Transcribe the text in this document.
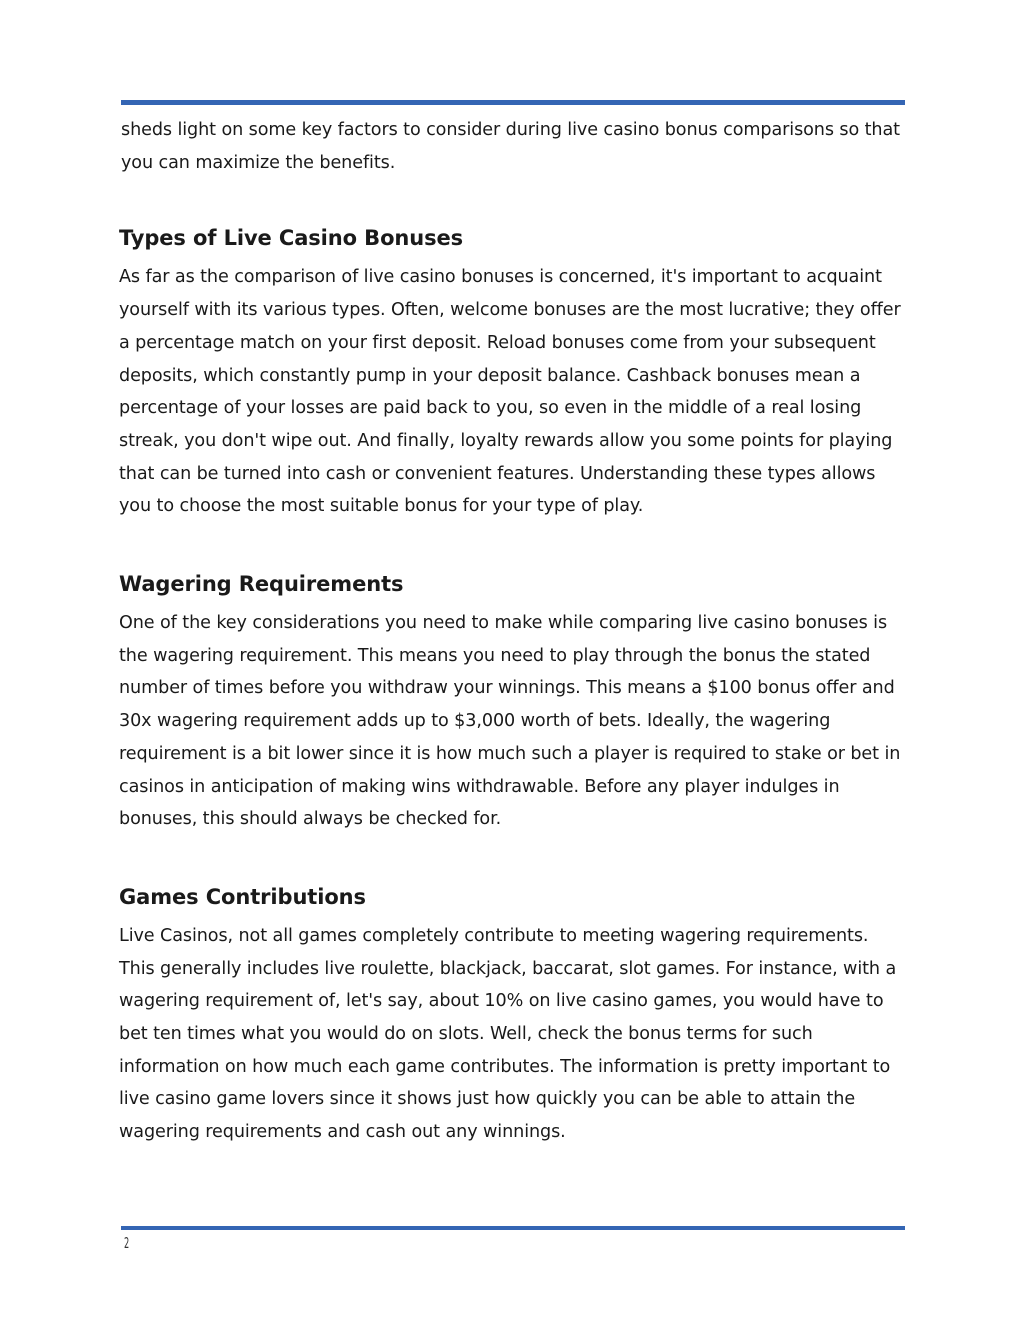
sheds light on some key factors to consider during live casino bonus comparisons so that you can maximize the benefits.

Types of Live Casino Bonuses

As far as the comparison of live casino bonuses is concerned, it's important to acquaint yourself with its various types. Often, welcome bonuses are the most lucrative; they offer a percentage match on your first deposit. Reload bonuses come from your subsequent deposits, which constantly pump in your deposit balance. Cashback bonuses mean a percentage of your losses are paid back to you, so even in the middle of a real losing streak, you don't wipe out. And finally, loyalty rewards allow you some points for playing that can be turned into cash or convenient features. Understanding these types allows you to choose the most suitable bonus for your type of play.

Wagering Requirements

One of the key considerations you need to make while comparing live casino bonuses is the wagering requirement. This means you need to play through the bonus the stated number of times before you withdraw your winnings. This means a $100 bonus offer and 30x wagering requirement adds up to $3,000 worth of bets. Ideally, the wagering requirement is a bit lower since it is how much such a player is required to stake or bet in casinos in anticipation of making wins withdrawable. Before any player indulges in bonuses, this should always be checked for.

Games Contributions

Live Casinos, not all games completely contribute to meeting wagering requirements. This generally includes live roulette, blackjack, baccarat, slot games. For instance, with a wagering requirement of, let's say, about 10% on live casino games, you would have to bet ten times what you would do on slots. Well, check the bonus terms for such information on how much each game contributes. The information is pretty important to live casino game lovers since it shows just how quickly you can be able to attain the wagering requirements and cash out any winnings.

2
